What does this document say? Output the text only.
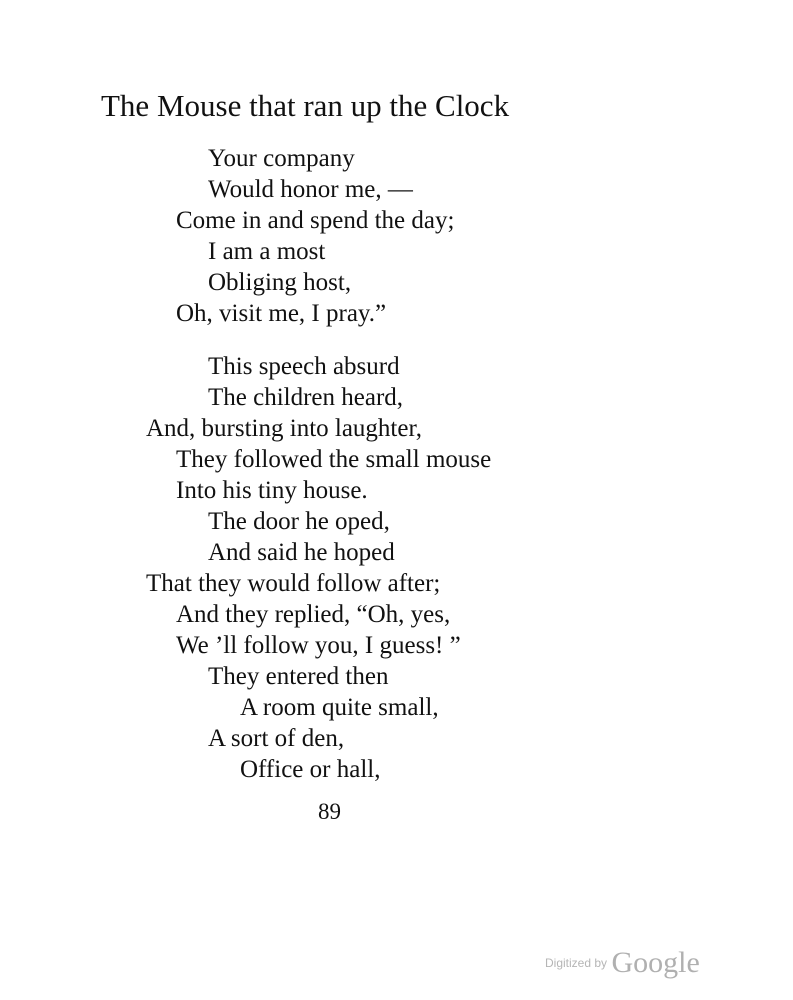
The Mouse that ran up the Clock
Your company
Would honor me, —
Come in and spend the day;
I am a most
Obliging host,
Oh, visit me, I pray.”
This speech absurd
The children heard,
And, bursting into laughter,
They followed the small mouse
Into his tiny house.
The door he oped,
And said he hoped
That they would follow after;
And they replied, “Oh, yes,
We ’ll follow you, I guess! ”
They entered then
A room quite small,
A sort of den,
Office or hall,
89
Digitized by Google
